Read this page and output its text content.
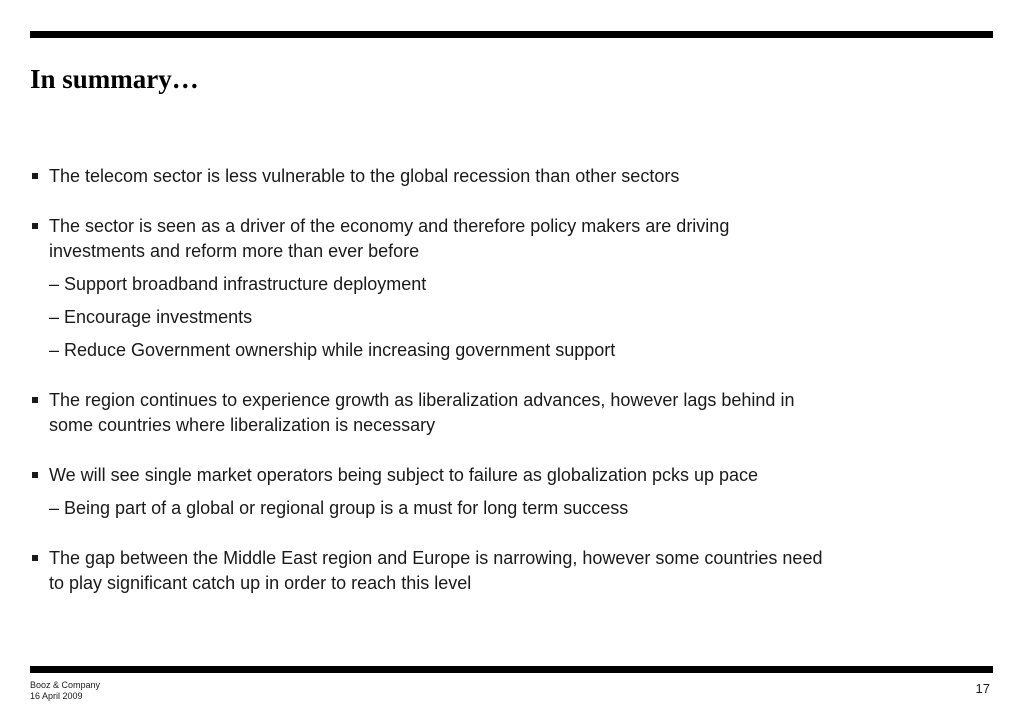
In summary…
The telecom sector is less vulnerable to the global recession than other sectors
The sector is seen as a driver of the economy and therefore policy makers are driving
investments and reform more than ever before
– Support broadband infrastructure deployment
– Encourage investments
– Reduce Government ownership while increasing government support
The region continues to experience growth as liberalization advances, however lags behind in
some countries where liberalization is necessary
We will see single market operators being subject to failure as globalization pcks up pace
– Being part of a global or regional group is a must for long term success
The gap between the Middle East region and Europe is narrowing, however some countries need
to play significant catch up in order to reach this level
Booz & Company
16 April 2009	17
